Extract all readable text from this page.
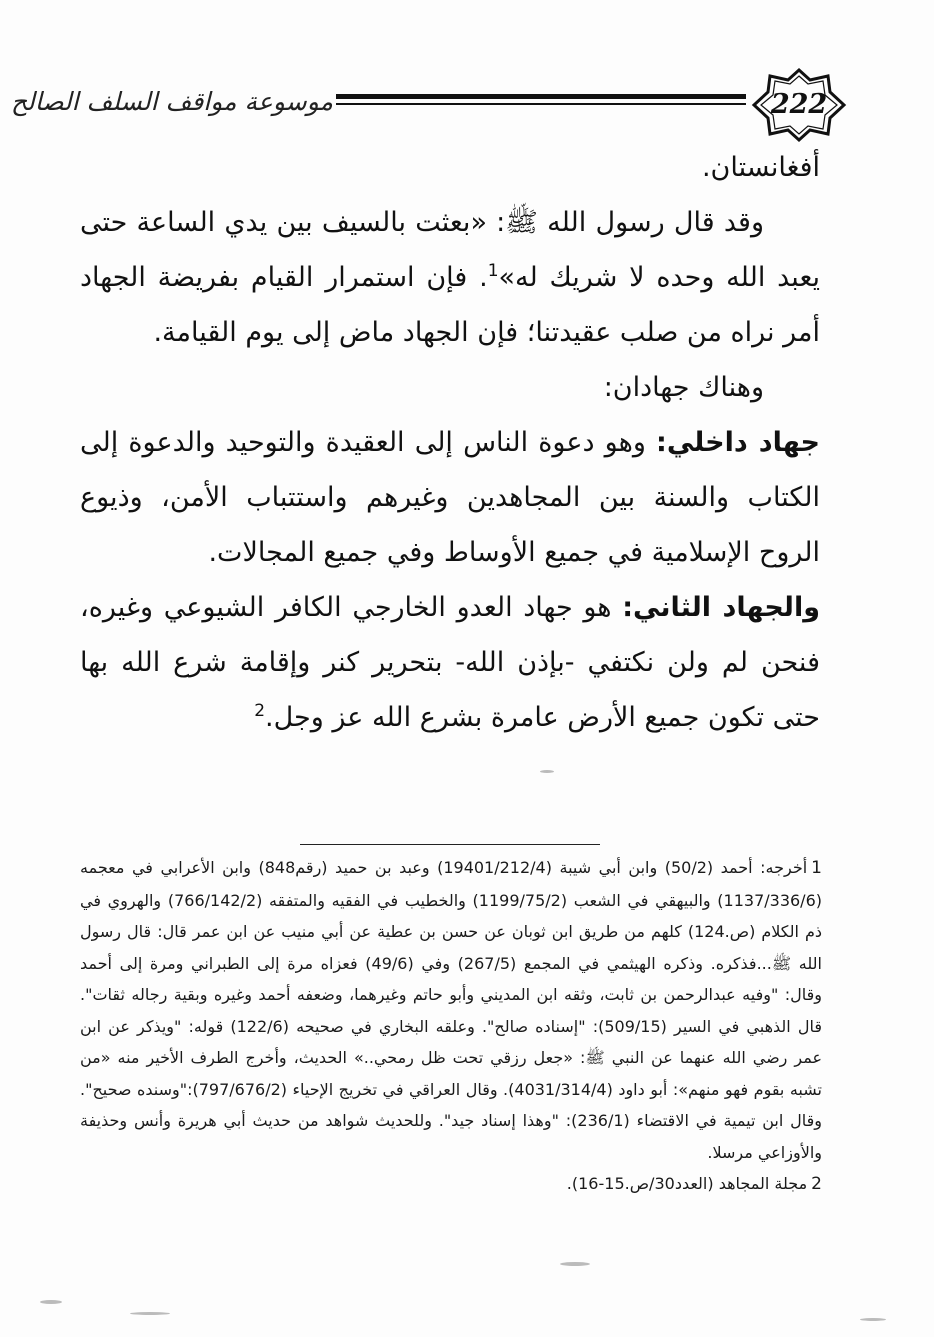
موسوعة مواقف السلف الصالح	222

أفغانستان.

وقد قال رسول الله ﷺ: «بعثت بالسيف بين يدي الساعة حتى يعبد الله وحده لا شريك له»$^1$. فإن استمرار القيام بفريضة الجهاد أمر نراه من صلب عقيدتنا؛ فإن الجهاد ماض إلى يوم القيامة.

وهناك جهادان:

جهاد داخلي: وهو دعوة الناس إلى العقيدة والتوحيد والدعوة إلى الكتاب والسنة بين المجاهدين وغيرهم واستتباب الأمن، وذيوع الروح الإسلامية في جميع الأوساط وفي جميع المجالات.

والجهاد الثاني: هو جهاد العدو الخارجي الكافر الشيوعي وغيره، فنحن لم ولن نكتفي -بإذن الله- بتحرير كنر وإقامة شرع الله بها حتى تكون جميع الأرض عامرة بشرع الله عز وجل.$^2$

1أخرجه: أحمد (50/2) وابن أبي شيبة (19401/212/4) وعبد بن حميد (رقم848) وابن الأعرابي في معجمه (1137/336/6) والبيهقي في الشعب (1199/75/2) والخطيب في الفقيه والمتفقه (766/142/2) والهروي في ذم الكلام (ص.124) كلهم من طريق ابن ثوبان عن حسن بن عطية عن أبي منيب عن ابن عمر قال: قال رسول الله ﷺ...فذكره. وذكره الهيثمي في المجمع (267/5) وفي (49/6) فعزاه مرة إلى الطبراني ومرة إلى أحمد وقال: "وفيه عبدالرحمن بن ثابت، وثقه ابن المديني وأبو حاتم وغيرهما، وضعفه أحمد وغيره وبقية رجاله ثقات". قال الذهبي في السير (509/15): "إسناده صالح". وعلقه البخاري في صحيحه (122/6) قوله: "ويذكر عن ابن عمر رضي الله عنهما عن النبي ﷺ: «جعل رزقي تحت ظل رمحي..» الحديث، وأخرج الطرف الأخير منه «من تشبه بقوم فهو منهم»: أبو داود (4031/314/4). وقال العراقي في تخريج الإحياء (797/676/2):"وسنده صحيح". وقال ابن تيمية في الاقتضاء (236/1): "وهذا إسناد جيد". وللحديث شواهد من حديث أبي هريرة وأنس وحذيفة والأوزاعي مرسلا.

2مجلة المجاهد (العدد30/ص.15-16).
